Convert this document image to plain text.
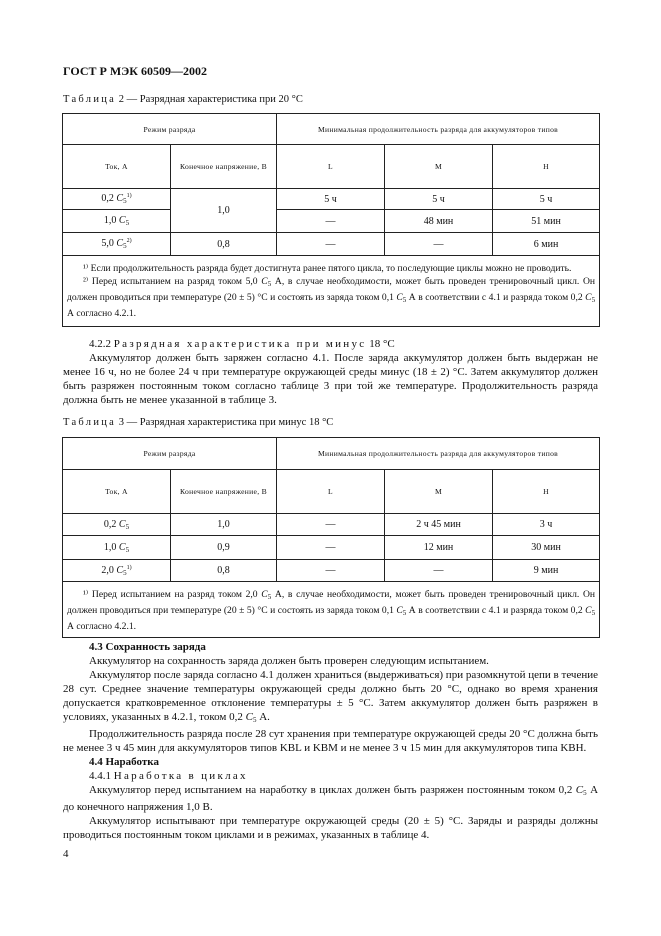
ГОСТ Р МЭК 60509—2002
Таблица 2 — Разрядная характеристика при 20 °С
Режим разряда		Минимальная продолжительность разряда для аккумуляторов типов		
Ток, А	Конечное напряжение, В	L	M	H
0,2 $C_5^{1)}$	1,0	5 ч	5 ч	5 ч
1,0 $C_5$		—	48 мин	51 мин
5,0 $C_5^{2)}$	0,8	—	—	6 мин

¹⁾ Если продолжительность разряда будет достигнута ранее пятого цикла, то последующие циклы можно не проводить.

²⁾ Перед испытанием на разряд током 5,0 $C_5$ А, в случае необходимости, может быть проведен тренировочный цикл. Он должен проводиться при температуре (20 ± 5) °С и состоять из заряда током 0,1 $C_5$ А в соответствии с 4.1 и разряда током 0,2 $C_5$ А согласно 4.2.1.				

4.2.2 Разрядная характеристика при минус 18 °С

Аккумулятор должен быть заряжен согласно 4.1. После заряда аккумулятор должен быть выдержан не менее 16 ч, но не более 24 ч при температуре окружающей среды минус (18 ± 2) °С. Затем аккумулятор должен быть разряжен постоянным током согласно таблице 3 при той же температуре. Продолжительность разряда должна быть не менее указанной в таблице 3.

Таблица 3 — Разрядная характеристика при минус 18 °С
Режим разряда		Минимальная продолжительность разряда для аккумуляторов типов		
Ток, А	Конечное напряжение, В	L	M	H
0,2 $C_5$	1,0	—	2 ч 45 мин	3 ч
1,0 $C_5$	0,9	—	12 мин	30 мин
2,0 $C_5^{1)}$	0,8	—	—	9 мин

¹⁾ Перед испытанием на разряд током 2,0 $C_5$ А, в случае необходимости, может быть проведен тренировочный цикл. Он должен проводиться при температуре (20 ± 5) °С и состоять из заряда током 0,1 $C_5$ А в соответствии с 4.1 и разряда током 0,2 $C_5$ А согласно 4.2.1.				

4.3 Сохранность заряда

Аккумулятор на сохранность заряда должен быть проверен следующим испытанием.

Аккумулятор после заряда согласно 4.1 должен храниться (выдерживаться) при разомкнутой цепи в течение 28 сут. Среднее значение температуры окружающей среды должно быть 20 °С, однако во время хранения допускается кратковременное отклонение температуры ± 5 °С. Затем аккумулятор должен быть разряжен в условиях, указанных в 4.2.1, током 0,2 $C_5$ А.

Продолжительность разряда после 28 сут хранения при температуре окружающей среды 20 °С должна быть не менее 3 ч 45 мин для аккумуляторов типов KBL и KBM и не менее 3 ч 15 мин для аккумуляторов типа KBH.

4.4 Наработка

4.4.1 Наработка в циклах

Аккумулятор перед испытанием на наработку в циклах должен быть разряжен постоянным током 0,2 $C_5$ А до конечного напряжения 1,0 В.

Аккумулятор испытывают при температуре окружающей среды (20 ± 5) °С. Заряды и разряды должны проводиться постоянным током циклами и в режимах, указанных в таблице 4.

4
